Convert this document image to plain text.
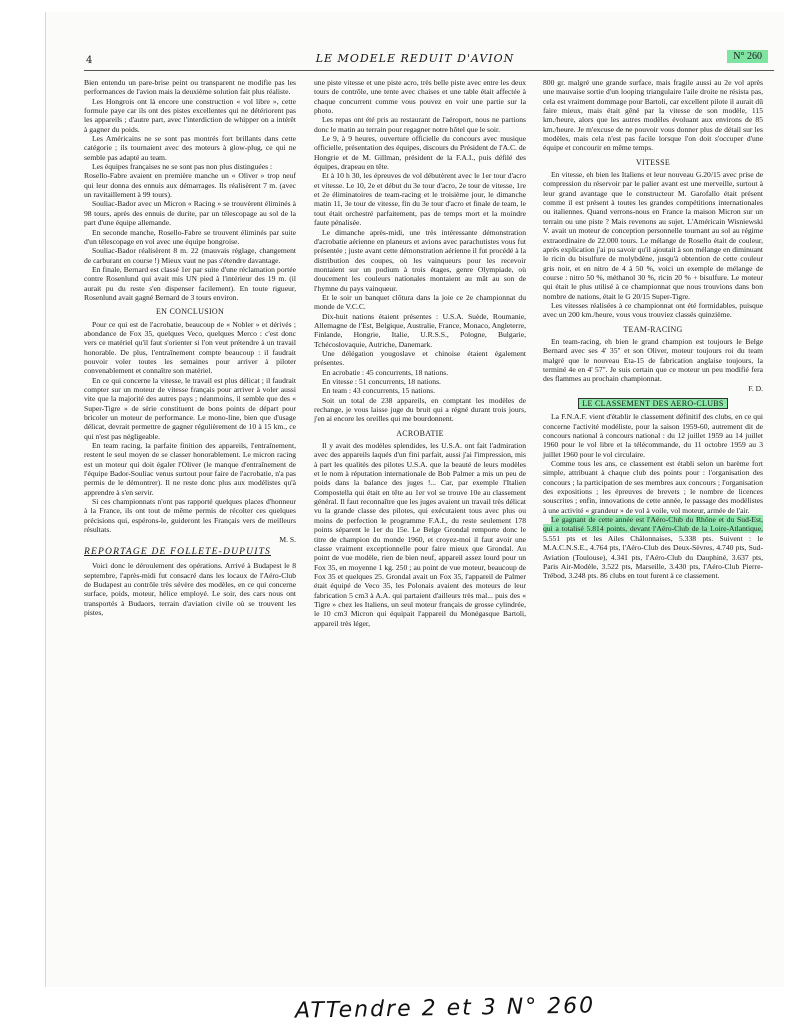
4	LE MODELE REDUIT D'AVION	N° 260

Bien entendu un pare-brise peint ou transparent ne modifie pas les performances de l'avion mais la deuxième solution fait plus réaliste.

Les Hongrois ont là encore une construction « vol libre », cette formule paye car ils ont des pistes excellentes qui ne détériorent pas les appareils ; d'autre part, avec l'interdiction de whipper on a intérêt à gagner du poids.

Les Américains ne se sont pas montrés fort brillants dans cette catégorie ; ils tournaient avec des moteurs à glow-plug, ce qui ne semble pas adapté au team.

Les équipes françaises ne se sont pas non plus distinguées :

Rosello-Fabre avaient en première manche un « Oliver » trop neuf qui leur donna des ennuis aux démarrages. Ils réalisèrent 7 m. (avec un ravitaillement à 99 tours).

Souliac-Bador avec un Micron « Racing » se trouvèrent éliminés à 98 tours, après des ennuis de durite, par un télescopage au sol de la part d'une équipe allemande.

En seconde manche, Rosello-Fabre se trouvent éliminés par suite d'un télescopage en vol avec une équipe hongroise.

Souliac-Bador réalisèrent 8 m. 22 (mauvais réglage, changement de carburant en course !) Mieux vaut ne pas s'étendre davantage.

En finale, Bernard est classé 1er par suite d'une réclamation portée contre Rosenlund qui avait mis UN pied à l'intérieur des 19 m. (il aurait pu du reste s'en dispenser facilement). En toute rigueur, Rosenlund avait gagné Bernard de 3 tours environ.

EN CONCLUSION

Pour ce qui est de l'acrobatie, beaucoup de « Nobler » et dérivés ; abondance de Fox 35, quelques Veco, quelques Merco : c'est donc vers ce matériel qu'il faut s'orienter si l'on veut prétendre à un travail honorable. De plus, l'entraînement compte beaucoup : il faudrait pouvoir voler toutes les semaines pour arriver à piloter convenablement et connaître son matériel.

En ce qui concerne la vitesse, le travail est plus délicat ; il faudrait compter sur un moteur de vitesse français pour arriver à voler aussi vite que la majorité des autres pays ; néanmoins, il semble que des « Super-Tigre » de série constituent de bons points de départ pour bricoler un moteur de performance. Le mono-line, bien que d'usage délicat, devrait permettre de gagner régulièrement de 10 à 15 km., ce qui n'est pas négligeable.

En team racing, la parfaite finition des appareils, l'entraînement, restent le seul moyen de se classer honorablement. Le micron racing est un moteur qui doit égaler l'Oliver (le manque d'entraînement de l'équipe Bador-Souliac venus surtout pour faire de l'acrobatie, n'a pas permis de le démontrer). Il ne reste donc plus aux modélistes qu'à apprendre à s'en servir.

Si ces championnats n'ont pas rapporté quelques places d'honneur à la France, ils ont tout de même permis de récolter ces quelques précisions qui, espérons-le, guideront les Français vers de meilleurs résultats.

M. S.
REPORTAGE DE FOLLETE-DUPUITS

Voici donc le déroulement des opérations. Arrivé à Budapest le 8 septembre, l'après-midi fut consacré dans les locaux de l'Aéro-Club de Budapest au contrôle très sévère des modèles, en ce qui concerne surface, poids, moteur, hélice employé. Le soir, des cars nous ont transportés à Budaors, terrain d'aviation civile où se trouvent les pistes,

une piste vitesse et une piste acro, très belle piste avec entre les deux tours de contrôle, une tente avec chaises et une table était affectée à chaque concurrent comme vous pouvez en voir une partie sur la photo.

Les repas ont été pris au restaurant de l'aéroport, nous ne partions donc le matin au terrain pour regagner notre hôtel que le soir.

Le 9, à 9 heures, ouverture officielle du concours avec musique officielle, présentation des équipes, discours du Président de l'A.C. de Hongrie et de M. Gillman, président de la F.A.I., puis défilé des équipes, drapeau en tête.

Et à 10 h 30, les épreuves de vol débutèrent avec le 1er tour d'acro et vitesse. Le 10, 2e et début du 3e tour d'acro, 2e tour de vitesse, 1re et 2e éliminatoires de team-racing et le troisième jour, le dimanche matin 11, 3e tour de vitesse, fin du 3e tour d'acro et finale de team, le tout était orchestré parfaitement, pas de temps mort et la moindre faute pénalisée.

Le dimanche après-midi, une très intéressante démonstration d'acrobatie aérienne en planeurs et avions avec parachutistes vous fut présentée ; juste avant cette démonstration aérienne il fut procédé à la distribution des coupes, où les vainqueurs pour les recevoir montaient sur un podium à trois étages, genre Olympiade, où doucement les couleurs nationales montaient au mât au son de l'hymne du pays vainqueur.

Et le soir un banquet clôtura dans la joie ce 2e championnat du monde de V.C.C.

Dix-huit nations étaient présentes : U.S.A. Suède, Roumanie, Allemagne de l'Est, Belgique, Australie, France, Monaco, Angleterre, Finlande, Hongrie, Italie, U.R.S.S., Pologne, Bulgarie, Tchécoslovaquie, Autriche, Danemark.

Une délégation yougoslave et chinoise étaient également présentes.

En acrobatie : 45 concurrents, 18 nations.

En vitesse : 51 concurrents, 18 nations.

En team : 43 concurrents, 15 nations.

Soit un total de 238 appareils, en comptant les modèles de rechange, je vous laisse juge du bruit qui a régné durant trois jours, j'en ai encore les oreilles qui me bourdonnent.

ACROBATIE

Il y avait des modèles splendides, les U.S.A. ont fait l'admiration avec des appareils laqués d'un fini parfait, aussi j'ai l'impression, mis à part les qualités des pilotes U.S.A. que la beauté de leurs modèles et le nom à réputation internationale de Bob Palmer a mis un peu de poids dans la balance des juges !... Car, par exemple l'Italien Compostella qui était en tête au 1er vol se trouve 10e au classement général. Il faut reconnaître que les juges avaient un travail très délicat vu la grande classe des pilotes, qui exécutaient tous avec plus ou moins de perfection le programme F.A.I., du reste seulement 178 points séparent le 1er du 15e. Le Belge Grondal remporte donc le titre de champion du monde 1960, et croyez-moi il faut avoir une classe vraiment exceptionnelle pour faire mieux que Grondal. Au point de vue modèle, rien de bien neuf, appareil assez lourd pour un Fox 35, en moyenne 1 kg. 250 ; au point de vue moteur, beaucoup de Fox 35 et quelques 25. Grondal avait un Fox 35, l'appareil de Palmer était équipé de Veco 35, les Polonais avaient des moteurs de leur fabrication 5 cm3 à A.A. qui partaient d'ailleurs très mal... puis des « Tigre » chez les Italiens, un seul moteur français de grosse cylindrée, le 10 cm3 Micron qui équipait l'appareil du Monégasque Bartoli, appareil très léger,

800 gr. malgré une grande surface, mais fragile aussi au 2e vol après une mauvaise sortie d'un looping triangulaire l'aile droite ne résista pas, cela est vraiment dommage pour Bartoli, car excellent pilote il aurait dû faire mieux, mais était gêné par la vitesse de son modèle, 115 km./heure, alors que les autres modèles évoluant aux environs de 85 km./heure. Je m'excuse de ne pouvoir vous donner plus de détail sur les modèles, mais cela n'est pas facile lorsque l'on doit s'occuper d'une équipe et concourir en même temps.

VITESSE

En vitesse, eh bien les Italiens et leur nouveau G.20/15 avec prise de compression du réservoir par le palier avant est une merveille, surtout à leur grand avantage que le constructeur M. Garofallo était présent comme il est présent à toutes les grandes compétitions internationales ou italiennes. Quand verrons-nous en France la maison Micron sur un terrain ou une piste ? Mais revenons au sujet. L'Américain Wisniewski V. avait un moteur de conception personnelle tournant au sol au régime extraordinaire de 22.000 tours. Le mélange de Rosello était de couleur, après explication j'ai pu savoir qu'il ajoutait à son mélange en diminuant le ricin du bisulfure de molybdène, jusqu'à obtention de cette couleur gris noir, et en nitro de 4 à 50 %, voici un exemple de mélange de course : nitro 50 %, méthanol 30 %, ricin 20 % + bisulfure. Le moteur qui était le plus utilisé à ce championnat que nous trouvions dans bon nombre de nations, était le G 20/15 Super-Tigre.

Les vitesses réalisées à ce championnat ont été formidables, puisque avec un 200 km./heure, vous vous trouviez classés quinzième.

TEAM-RACING

En team-racing, eh bien le grand champion est toujours le Belge Bernard avec ses 4' 35" et son Oliver, moteur toujours roi du team malgré que le nouveau Eta-15 de fabrication anglaise toujours, la terminé 4e en 4' 57". Je suis certain que ce moteur un peu modifié fera des flammes au prochain championnat.

F. D.
LE CLASSEMENT DES AERO-CLUBS

La F.N.A.F. vient d'établir le classement définitif des clubs, en ce qui concerne l'activité modéliste, pour la saison 1959-60, autrement dit de concours national à concours national : du 12 juillet 1959 au 14 juillet 1960 pour le vol libre et la télécommande, du 11 octobre 1959 au 3 juillet 1960 pour le vol circulaire.

Comme tous les ans, ce classement est établi selon un barème fort simple, attribuant à chaque club des points pour : l'organisation des concours ; la participation de ses membres aux concours ; l'organisation des expositions ; les épreuves de brevets ; le nombre de licences souscrites ; enfin, innovations de cette année, le passage des modélistes à une activité « grandeur » de vol à voile, vol moteur, armée de l'air.

Le gagnant de cette année est l'Aéro-Club du Rhône et du Sud-Est, qui a totalisé 5.814 points, devant l'Aéro-Club de la Loire-Atlantique, 5.551 pts et les Ailes Châlonnaises, 5.338 pts. Suivent : le M.A.C.N.S.E., 4.764 pts, l'Aéro-Club des Deux-Sèvres, 4.740 pts, Sud-Aviation (Toulouse), 4.341 pts, l'Aéro-Club du Dauphiné, 3.637 pts, Paris Air-Modèle, 3.522 pts, Marseille, 3.430 pts, l'Aéro-Club Pierre-Trébod, 3.248 pts. 86 clubs en tout furent à ce classement.

ATTendre 2 et 3 N° 260
